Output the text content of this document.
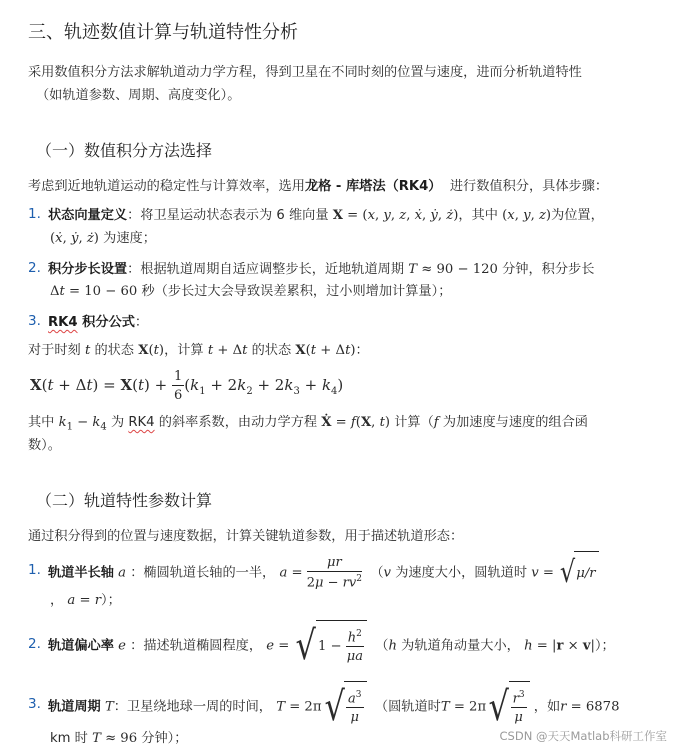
三、轨迹数值计算与轨道特性分析
采用数值积分方法求解轨道动力学方程，得到卫星在不同时刻的位置与速度，进而分析轨道特性
（如轨道参数、周期、高度变化）。
（一）数值积分方法选择
考虑到近地轨道运动的稳定性与计算效率，选用龙格 - 库塔法（RK4） 进行数值积分，具体步骤：
1. 状态向量定义：将卫星运动状态表示为 6 维向量 X = (x, y, z, ẋ, ẏ, ż)，其中 (x, y, z)为位置，
(ẋ, ẏ, ż) 为速度；
2. 积分步长设置：根据轨道周期自适应调整步长，近地轨道周期 T ≈ 90 − 120 分钟，积分步长
Δt = 10 − 60 秒（步长过大会导致误差累积，过小则增加计算量）；
3. RK4 积分公式：
对于时刻 t 的状态 X(t)，计算 t + Δt 的状态 X(t + Δt)：
$X(t + \Delta t) = X(t) + \frac{1}{6} (k_1 + 2k_2 + 2k_3 + k_4)$
其中 $k_1 - k_4$ 为 RK4 的斜率系数，由动力学方程 Ẋ = f(X, t) 计算（f 为加速度与速度的组合函
数）。
（二）轨道特性参数计算
通过积分得到的位置与速度数据，计算关键轨道参数，用于描述轨道形态：
1. 轨道半长轴 a ：椭圆轨道长轴的一半， $a = \frac{\mu r}{2\mu - rv^2} (v$ 为速度大小，圆轨道时 v = √μ/r
， a = r）；
2. 轨道偏心率 e ：描述轨道椭圆程度， e = √ $1 - \frac{h^2}{\mu a} (h$ 为轨道角动量大小， h = |r × v|）；
3. 轨道周期 T：卫星绕地球一周的时间， $T = 2\pi√ \frac{a^3}{\mu}$ （圆轨道时$T = 2\pi√ \frac{r^3}{\mu}$ ，如r = 6878
km 时 T ≈ 96 分钟）；	CSDN @天天Matlab科研工作室
